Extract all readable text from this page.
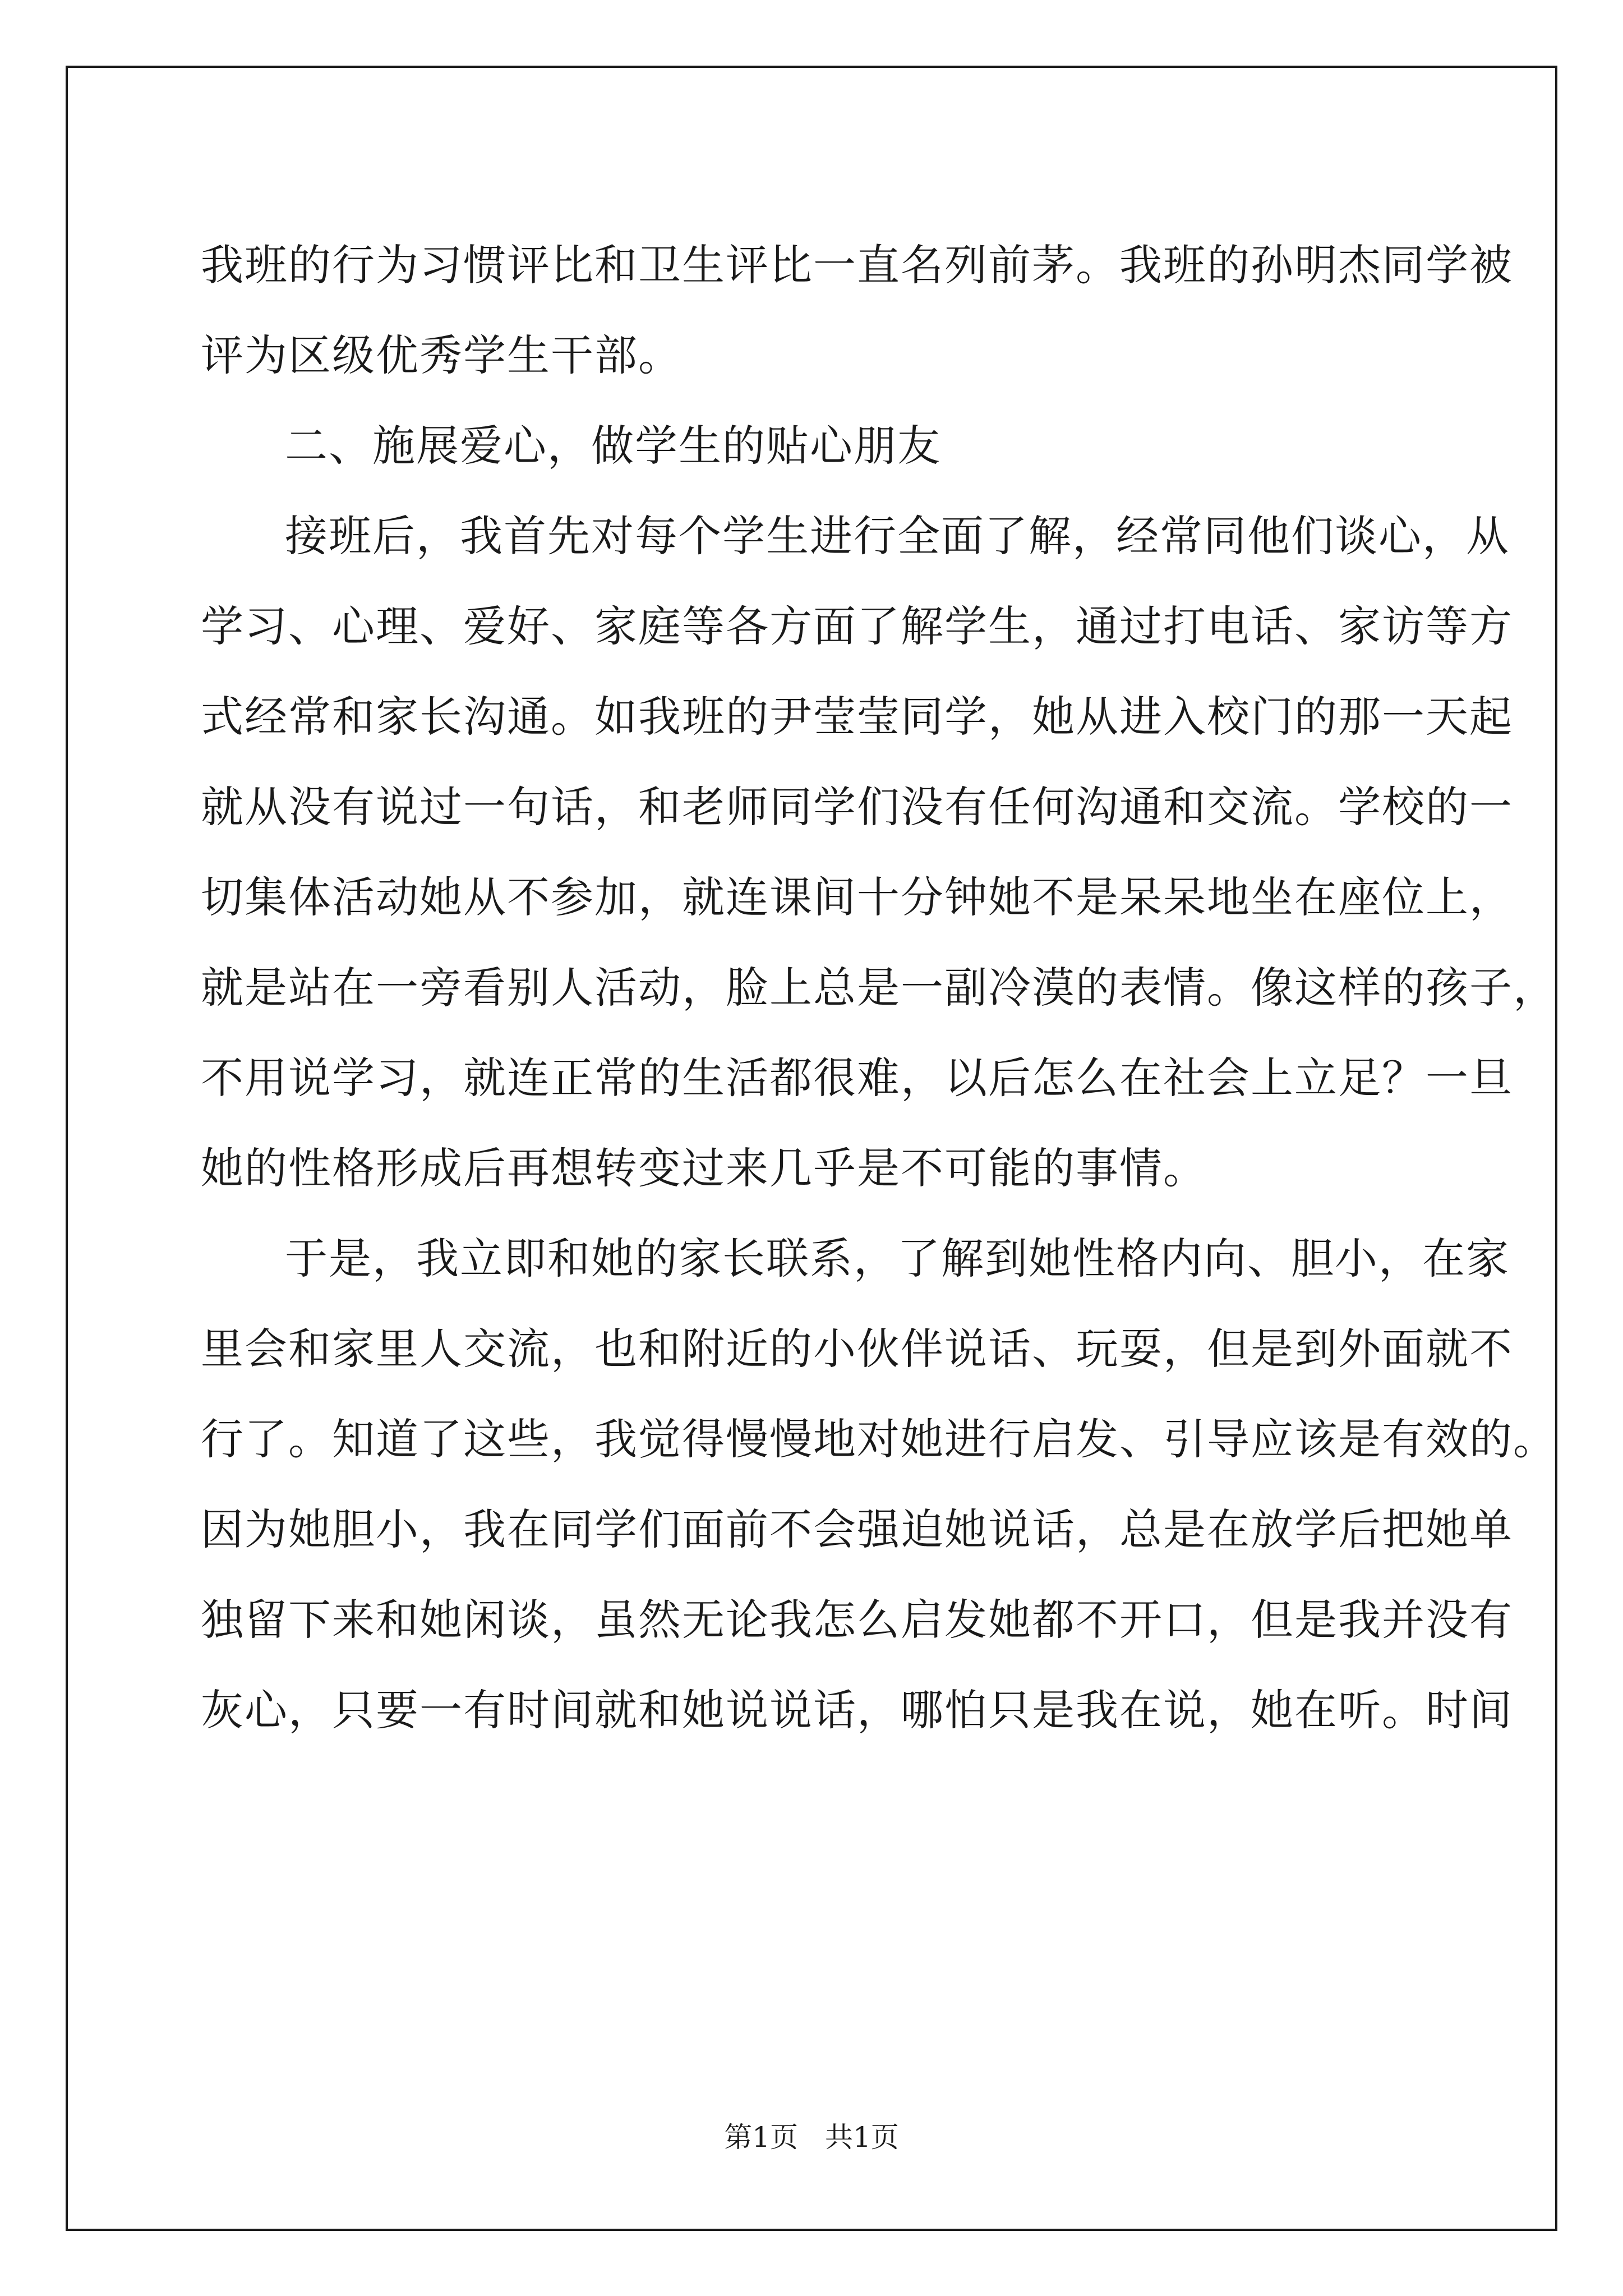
我班的行为习惯评比和卫生评比一直名列前茅。我班的孙明杰同学被
评为区级优秀学生干部。
二、施展爱心，做学生的贴心朋友
接班后，我首先对每个学生进行全面了解，经常同他们谈心，从
学习、心理、爱好、家庭等各方面了解学生，通过打电话、家访等方
式经常和家长沟通。如我班的尹莹莹同学，她从进入校门的那一天起
就从没有说过一句话，和老师同学们没有任何沟通和交流。学校的一
切集体活动她从不参加，就连课间十分钟她不是呆呆地坐在座位上，
就是站在一旁看别人活动，脸上总是一副冷漠的表情。像这样的孩子，
不用说学习，就连正常的生活都很难，以后怎么在社会上立足？一旦
她的性格形成后再想转变过来几乎是不可能的事情。
于是，我立即和她的家长联系，了解到她性格内向、胆小，在家
里会和家里人交流，也和附近的小伙伴说话、玩耍，但是到外面就不
行了。知道了这些，我觉得慢慢地对她进行启发、引导应该是有效的。
因为她胆小，我在同学们面前不会强迫她说话，总是在放学后把她单
独留下来和她闲谈，虽然无论我怎么启发她都不开口，但是我并没有
灰心，只要一有时间就和她说说话，哪怕只是我在说，她在听。时间
第1页 共1页
